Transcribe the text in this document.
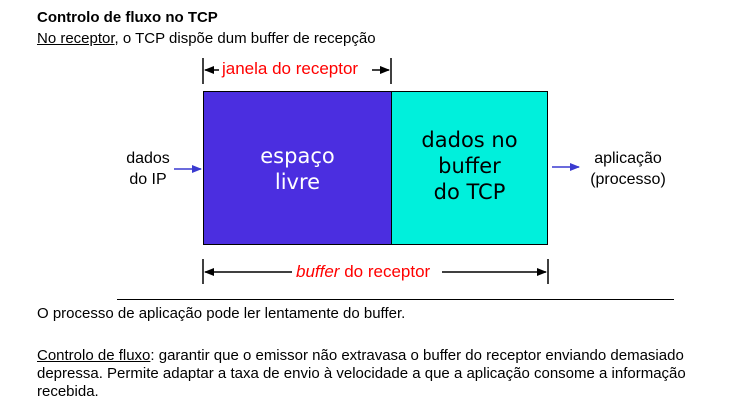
Controlo de fluxo no TCP
No receptor, o TCP dispõe dum buffer de recepção
janela do receptor
espaço
livre
dados no
buffer
do TCP
dados
do IP
aplicação
(processo)
buffer do receptor
O processo de aplicação pode ler lentamente do buffer.
Controlo de fluxo: garantir que o emissor não extravasa o buffer do receptor enviando demasiado depressa. Permite adaptar a taxa de envio à velocidade a que a aplicação consome a informação recebida.
